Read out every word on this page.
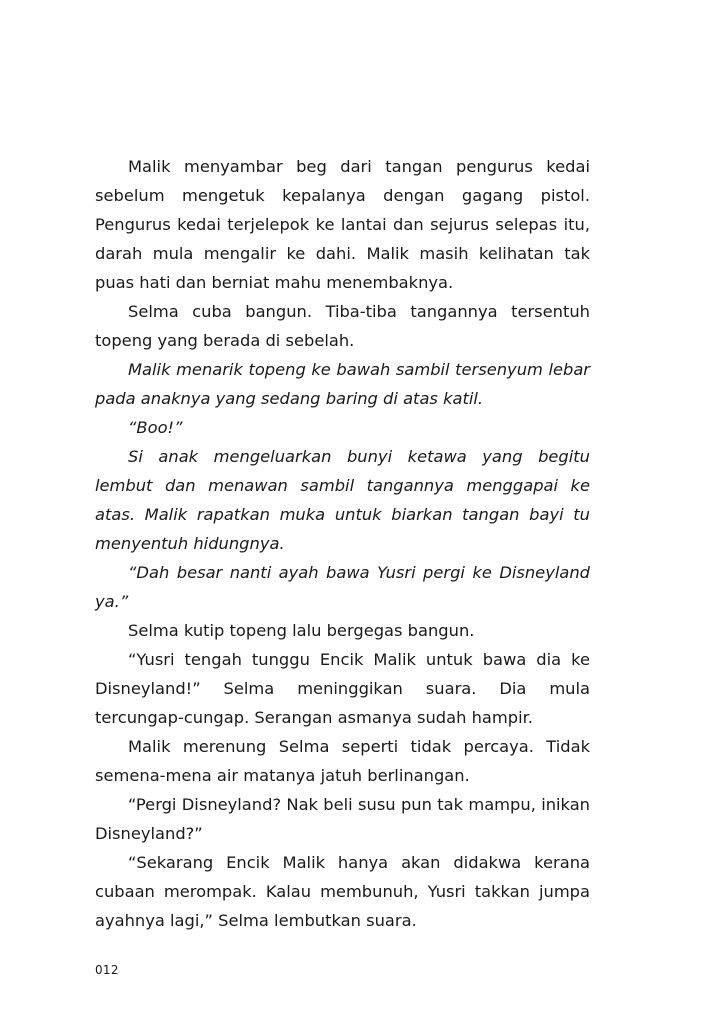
Malik menyambar beg dari tangan pengurus kedai sebelum mengetuk kepalanya dengan gagang pistol. Pengurus kedai terjelepok ke lantai dan sejurus selepas itu, darah mula mengalir ke dahi. Malik masih kelihatan tak puas hati dan berniat mahu menembaknya.

Selma cuba bangun. Tiba-tiba tangannya tersentuh topeng yang berada di sebelah.

Malik menarik topeng ke bawah sambil tersenyum lebar pada anaknya yang sedang baring di atas katil.

“Boo!”

Si anak mengeluarkan bunyi ketawa yang begitu lembut dan menawan sambil tangannya menggapai ke atas. Malik rapatkan muka untuk biarkan tangan bayi tu menyentuh hidungnya.

“Dah besar nanti ayah bawa Yusri pergi ke Disneyland ya.”

Selma kutip topeng lalu bergegas bangun.

“Yusri tengah tunggu Encik Malik untuk bawa dia ke Disneyland!” Selma meninggikan suara. Dia mula tercungap-cungap. Serangan asmanya sudah hampir.

Malik merenung Selma seperti tidak percaya. Tidak semena-mena air matanya jatuh berlinangan.

“Pergi Disneyland? Nak beli susu pun tak mampu, inikan Disneyland?”

“Sekarang Encik Malik hanya akan didakwa kerana cubaan merompak. Kalau membunuh, Yusri takkan jumpa ayahnya lagi,” Selma lembutkan suara.

012
